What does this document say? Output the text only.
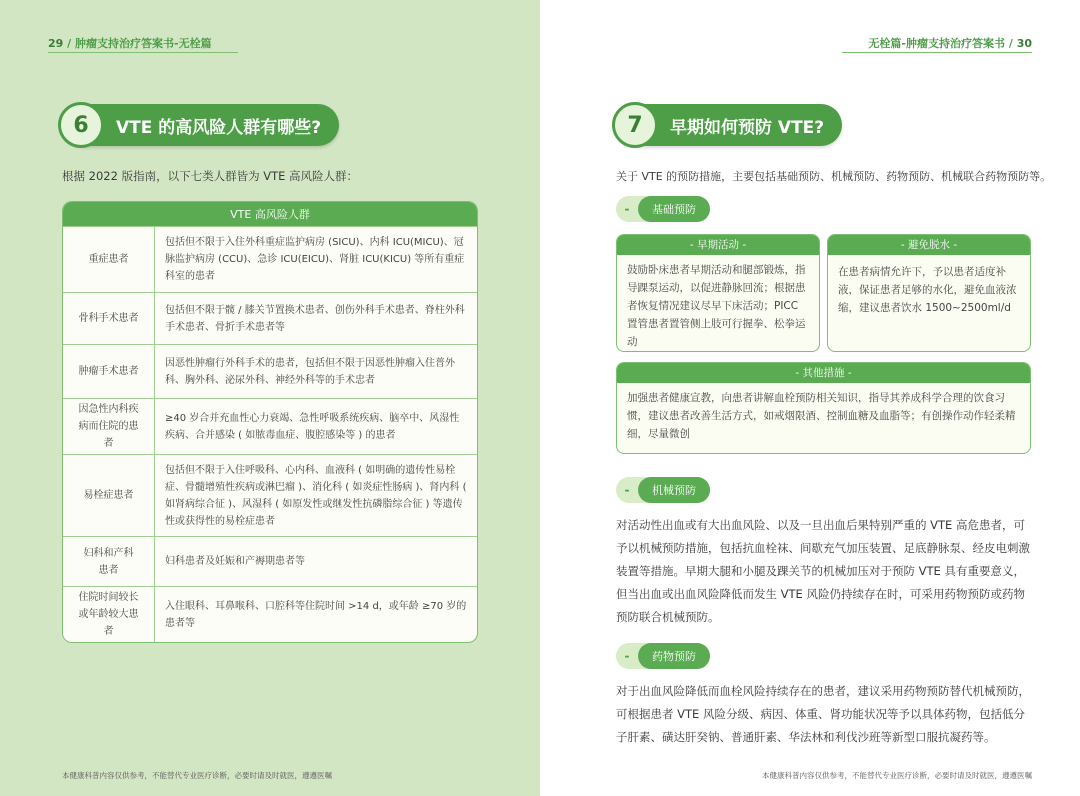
29 / 肿瘤支持治疗答案书-无栓篇
6	VTE 的高风险人群有哪些?
根据 2022 版指南，以下七类人群皆为 VTE 高风险人群：
VTE 高风险人群	
重症患者	包括但不限于入住外科重症监护病房 (SICU)、内科 ICU(MICU)、冠脉监护病房 (CCU)、急诊 ICU(EICU)、肾脏 ICU(KICU) 等所有重症科室的患者
骨科手术患者	包括但不限于髋 / 膝关节置换术患者、创伤外科手术患者、脊柱外科手术患者、骨折手术患者等
肿瘤手术患者	因恶性肿瘤行外科手术的患者，包括但不限于因恶性肿瘤入住普外科、胸外科、泌尿外科、神经外科等的手术忠者
因急性内科疾病而住院的患者	≥40 岁合并充血性心力衰竭、急性呼吸系统疾病、脑卒中、风湿性疾病、合并感染 ( 如脓毒血症、腹腔感染等 ) 的患者
易栓症患者	包括但不限于入住呼吸科、心内科、血液科 ( 如明确的遗传性易栓症、骨髓增殖性疾病或淋巴瘤 )、消化科 ( 如炎症性肠病 )、肾内科 ( 如肾病综合征 )、风湿科 ( 如原发性或继发性抗磷脂综合征 ) 等遗传性或获得性的易栓症患者
妇科和产科患者	妇科患者及妊娠和产褥期患者等
住院时间较长或年龄较大患者	入住眼科、耳鼻喉科、口腔科等住院时间 >14 d，或年龄 ≥70 岁的患者等
本健康科普内容仅供参考，不能替代专业医疗诊断，必要时请及时就医，遵遵医嘱
无栓篇-肿瘤支持治疗答案书 / 30
7	早期如何预防 VTE?
关于 VTE 的预防措施，主要包括基础预防、机械预防、药物预防、机械联合药物预防等。
-	基础预防
- 早期活动 -
鼓励卧床患者早期活动和腿部锻炼，指导踝泵运动，以促进静脉回流；根据患者恢复情况建议尽早下床活动；PICC 置管患者置管侧上肢可行握拳、松拳运动
- 避免脱水 -
在患者病情允许下，予以患者适度补液，保证患者足够的水化，避免血液浓缩，建议患者饮水 1500~2500ml/d
- 其他措施 -
加强患者健康宣教，向患者讲解血栓预防相关知识，指导其养成科学合理的饮食习惯，建议患者改善生活方式，如戒烟限酒、控制血糖及血脂等；有创操作动作轻柔精细，尽量微创
-	机械预防
对活动性出血或有大出血风险、以及一旦出血后果特别严重的 VTE 高危患者，可予以机械预防措施，包括抗血栓袜、间歇充气加压装置、足底静脉泵、经皮电刺激装置等措施。早期大腿和小腿及踝关节的机械加压对于预防 VTE 具有重要意义，但当出血或出血风险降低而发生 VTE 风险仍持续存在时，可采用药物预防或药物预防联合机械预防。
-	药物预防
对于出血风险降低而血栓风险持续存在的患者，建议采用药物预防替代机械预防，可根据患者 VTE 风险分级、病因、体重、肾功能状况等予以具体药物，包括低分子肝素、磺达肝癸钠、普通肝素、华法林和利伐沙班等新型口服抗凝药等。
本健康科普内容仅供参考，不能替代专业医疗诊断，必要时请及时就医，遵遵医嘱
